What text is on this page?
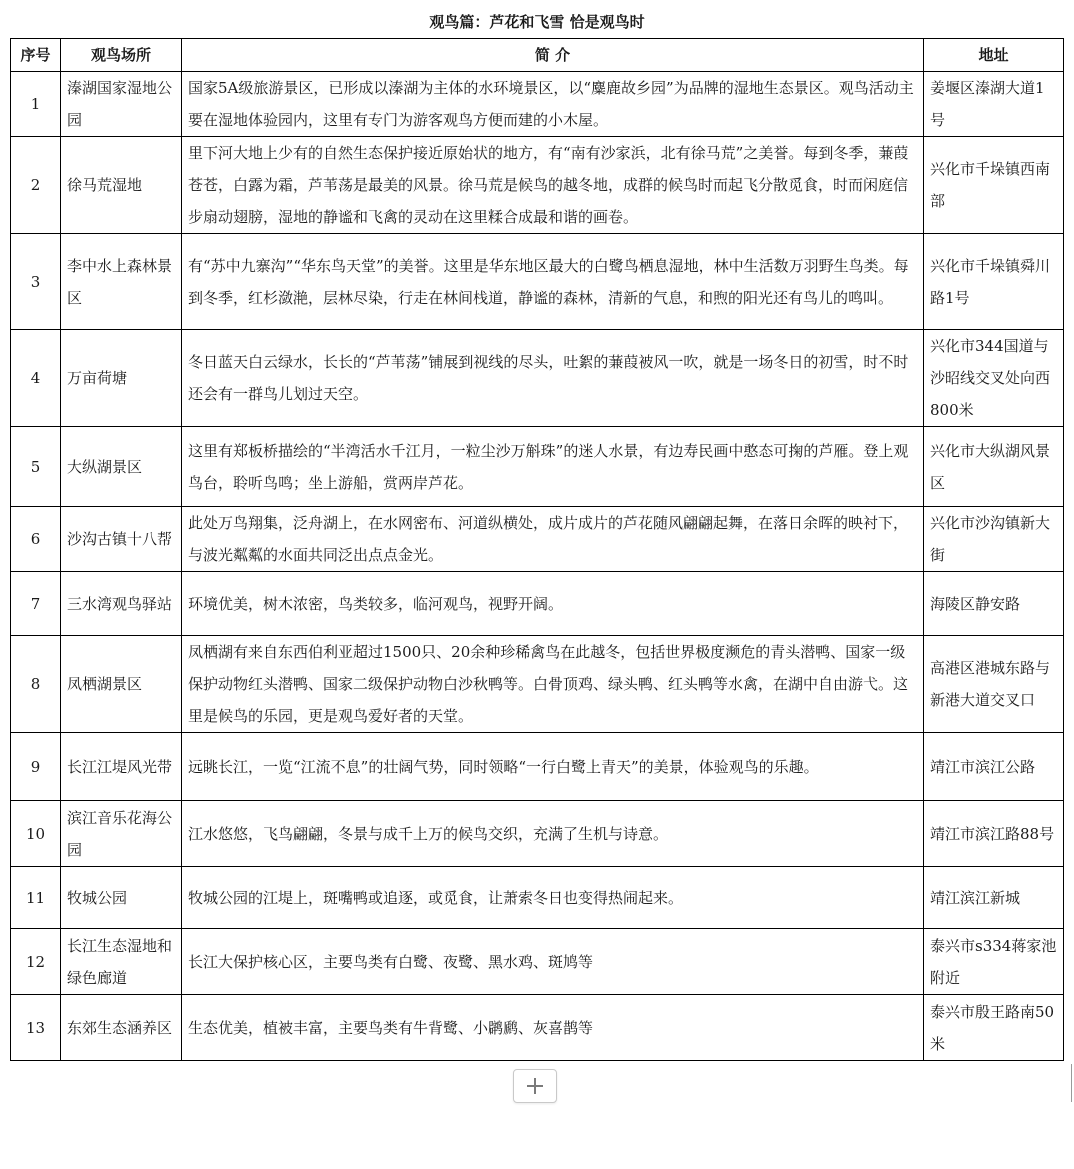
观鸟篇：芦花和飞雪 恰是观鸟时
序号	观鸟场所	简 介	地址
1	溱湖国家湿地公园	国家5A级旅游景区，已形成以溱湖为主体的水环境景区，以“麋鹿故乡园”为品牌的湿地生态景区。观鸟活动主要在湿地体验园内，这里有专门为游客观鸟方便而建的小木屋。	姜堰区溱湖大道1号
2	徐马荒湿地	里下河大地上少有的自然生态保护接近原始状的地方，有“南有沙家浜，北有徐马荒”之美誉。每到冬季，蒹葭苍苍，白露为霜，芦苇荡是最美的风景。徐马荒是候鸟的越冬地，成群的候鸟时而起飞分散觅食，时而闲庭信步扇动翅膀，湿地的静谧和飞禽的灵动在这里糅合成最和谐的画卷。	兴化市千垛镇西南部
3	李中水上森林景区	有“苏中九寨沟”“华东鸟天堂”的美誉。这里是华东地区最大的白鹭鸟栖息湿地，林中生活数万羽野生鸟类。每到冬季，红杉潋滟，层林尽染，行走在林间栈道，静谧的森林，清新的气息，和煦的阳光还有鸟儿的鸣叫。	兴化市千垛镇舜川路1号
4	万亩荷塘	冬日蓝天白云绿水，长长的“芦苇荡”铺展到视线的尽头，吐絮的蒹葭被风一吹，就是一场冬日的初雪，时不时还会有一群鸟儿划过天空。	兴化市344国道与沙昭线交叉处向西800米
5	大纵湖景区	这里有郑板桥描绘的“半湾活水千江月，一粒尘沙万斛珠”的迷人水景，有边寿民画中憨态可掬的芦雁。登上观鸟台，聆听鸟鸣；坐上游船，赏两岸芦花。	兴化市大纵湖风景区
6	沙沟古镇十八帮	此处万鸟翔集，泛舟湖上，在水网密布、河道纵横处，成片成片的芦花随风翩翩起舞，在落日余晖的映衬下，与波光粼粼的水面共同泛出点点金光。	兴化市沙沟镇新大街
7	三水湾观鸟驿站	环境优美，树木浓密，鸟类较多，临河观鸟，视野开阔。	海陵区静安路
8	凤栖湖景区	凤栖湖有来自东西伯利亚超过1500只、20余种珍稀禽鸟在此越冬，包括世界极度濒危的青头潜鸭、国家一级保护动物红头潜鸭、国家二级保护动物白沙秋鸭等。白骨顶鸡、绿头鸭、红头鸭等水禽，在湖中自由游弋。这里是候鸟的乐园，更是观鸟爱好者的天堂。	高港区港城东路与新港大道交叉口
9	长江江堤风光带	远眺长江，一览“江流不息”的壮阔气势，同时领略“一行白鹭上青天”的美景，体验观鸟的乐趣。	靖江市滨江公路
10	滨江音乐花海公园	江水悠悠，飞鸟翩翩，冬景与成千上万的候鸟交织，充满了生机与诗意。	靖江市滨江路88号
11	牧城公园	牧城公园的江堤上，斑嘴鸭或追逐，或觅食，让萧索冬日也变得热闹起来。	靖江滨江新城
12	长江生态湿地和绿色廊道	长江大保护核心区，主要鸟类有白鹭、夜鹭、黑水鸡、斑鸠等	泰兴市s334蒋家池附近
13	东郊生态涵养区	生态优美，植被丰富，主要鸟类有牛背鹭、小䴙䴘、灰喜鹊等	泰兴市殷王路南50米
